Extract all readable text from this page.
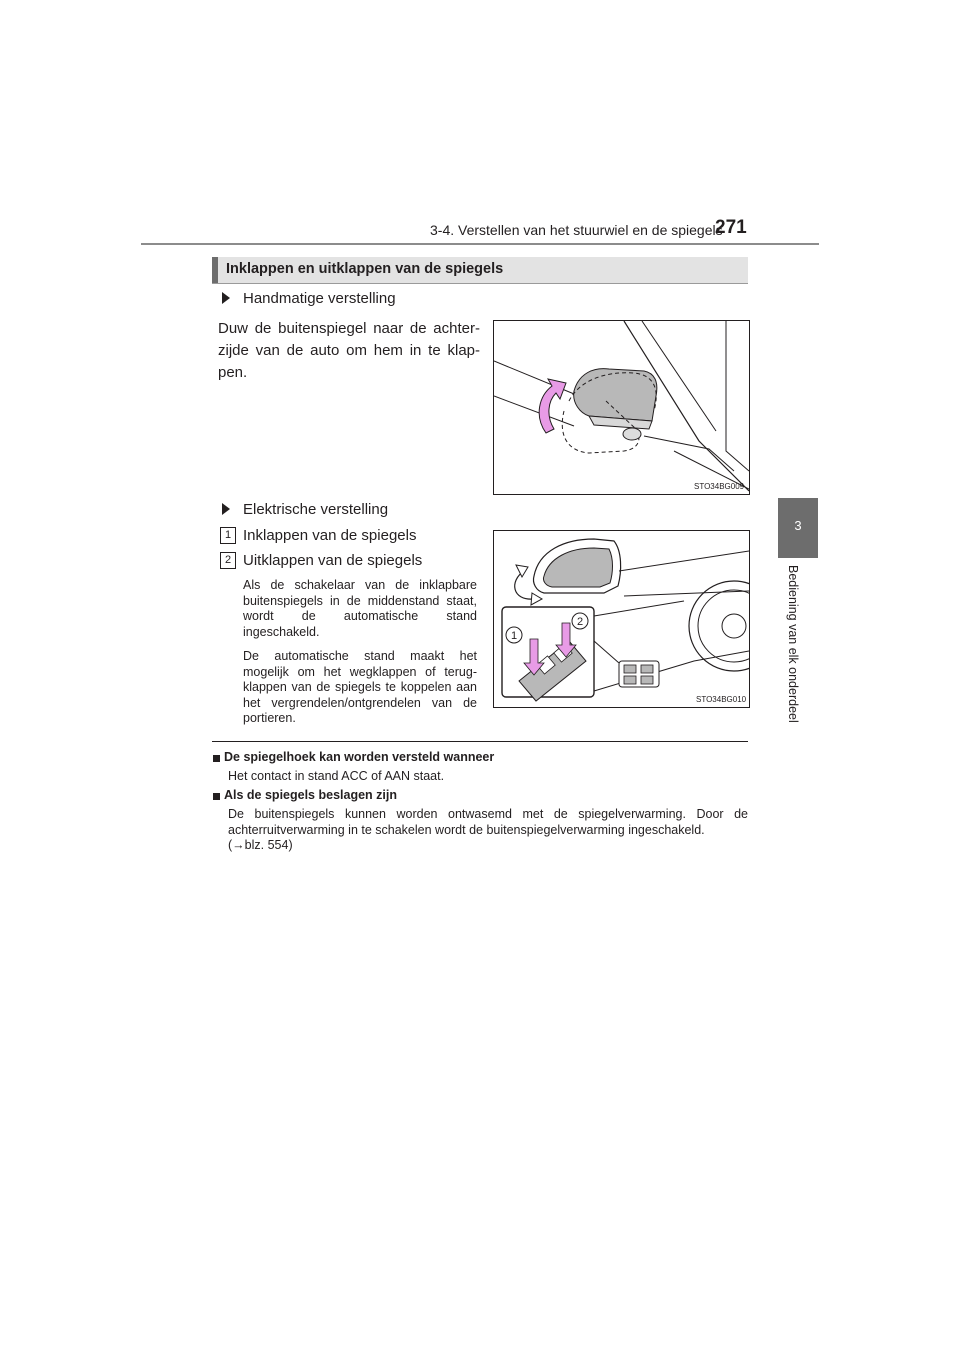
3-4. Verstellen van het stuurwiel en de spiegels
271
3
Bediening van elk onderdeel
Inklappen en uitklappen van de spiegels
Handmatige verstelling
Duw de buitenspiegel naar de achter-zijde van de auto om hem in te klap-pen.
STO34BG009
Elektrische verstelling
1 Inklappen van de spiegels
2 Uitklappen van de spiegels

Als de schakelaar van de inklapbare buitenspiegels in de middenstand staat, wordt de automatische stand ingeschakeld.

De automatische stand maakt het mogelijk om het wegklappen of terug-klappen van de spiegels te koppelen aan het vergrendelen/ontgrendelen van de portieren.

1
2
STO34BG010
De spiegelhoek kan worden versteld wanneer
Het contact in stand ACC of AAN staat.
Als de spiegels beslagen zijn
De buitenspiegels kunnen worden ontwasemd met de spiegelverwarming. Door de achterruitverwarming in te schakelen wordt de buitenspiegelverwarming ingeschakeld.
(→blz. 554)
